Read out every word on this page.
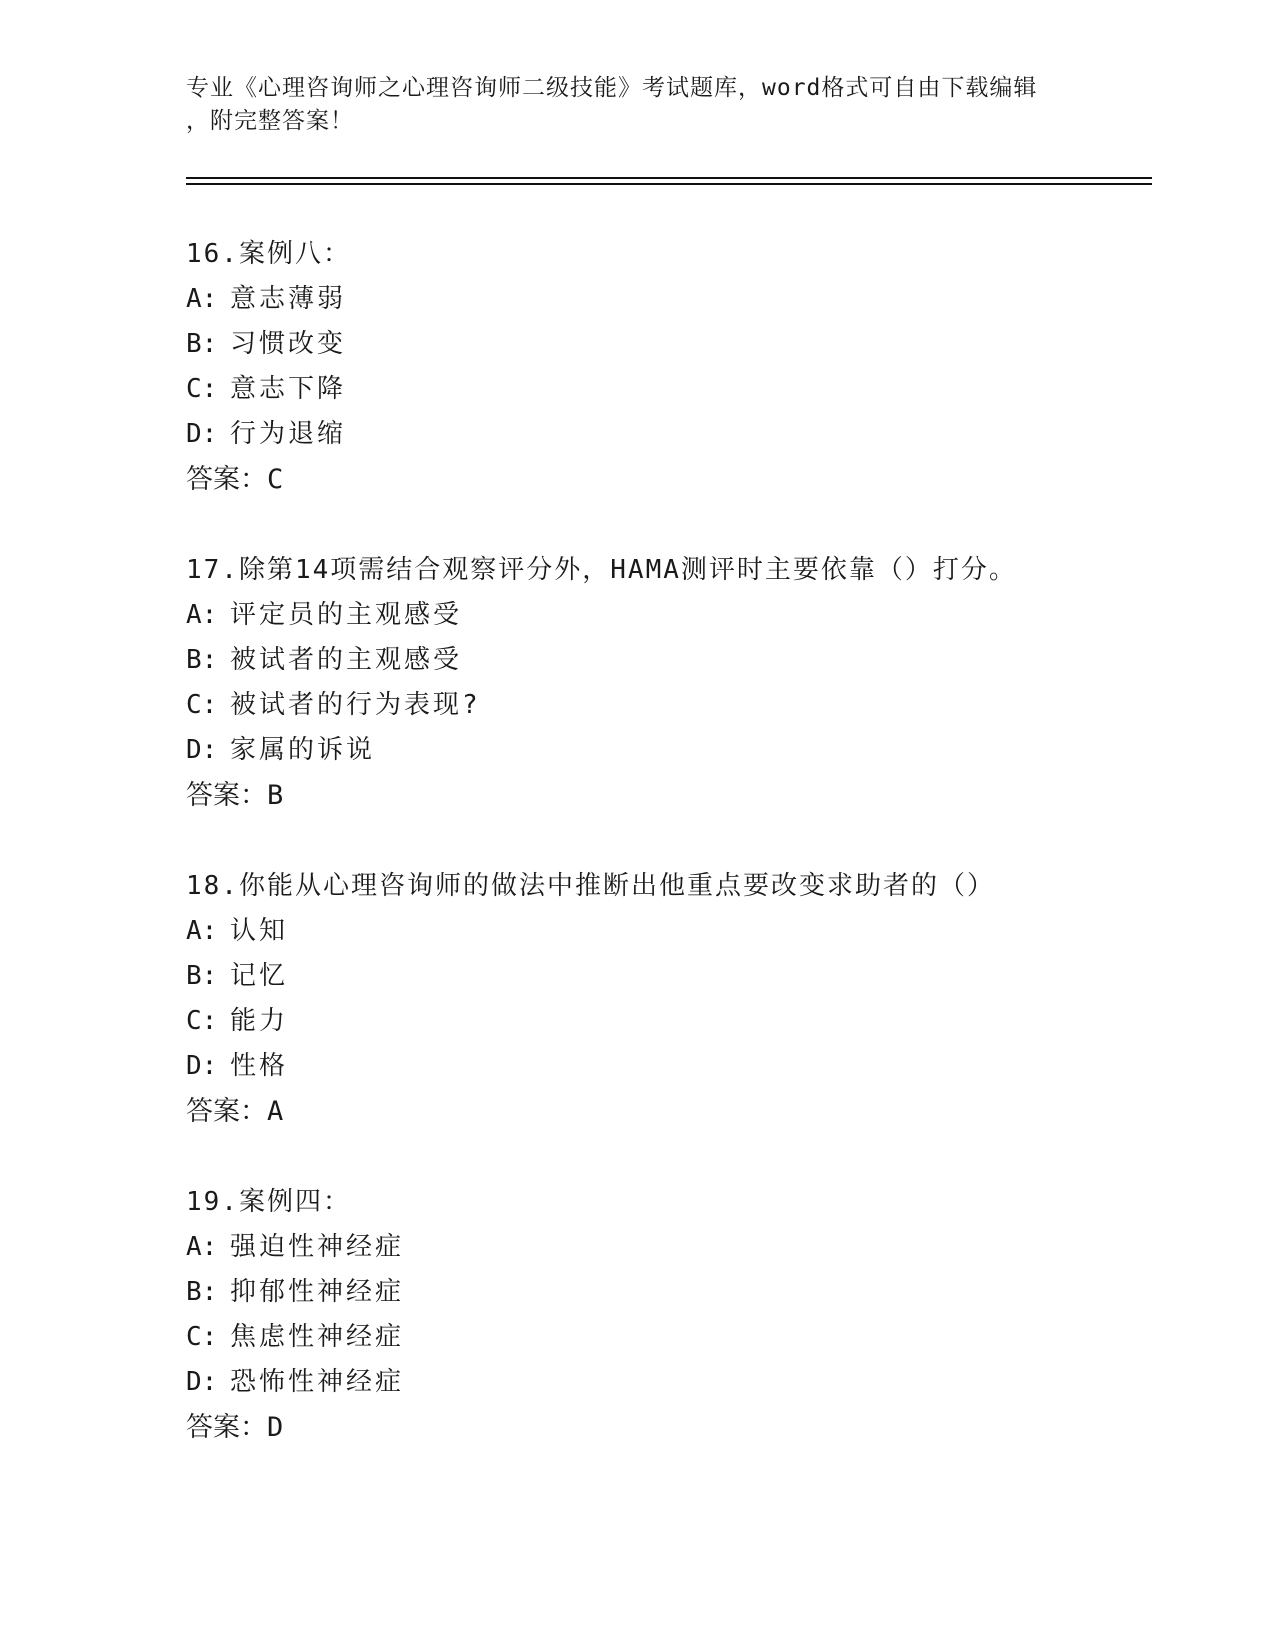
专业《心理咨询师之心理咨询师二级技能》考试题库，word格式可自由下载编辑
，附完整答案！
16.案例八：
A: 意志薄弱
B: 习惯改变
C: 意志下降
D: 行为退缩
答案：C
17.除第14项需结合观察评分外，HAMA测评时主要依靠（）打分。
A: 评定员的主观感受
B: 被试者的主观感受
C: 被试者的行为表现?
D: 家属的诉说
答案：B
18.你能从心理咨询师的做法中推断出他重点要改变求助者的（）
A: 认知
B: 记忆
C: 能力
D: 性格
答案：A
19.案例四：
A: 强迫性神经症
B: 抑郁性神经症
C: 焦虑性神经症
D: 恐怖性神经症
答案：D
